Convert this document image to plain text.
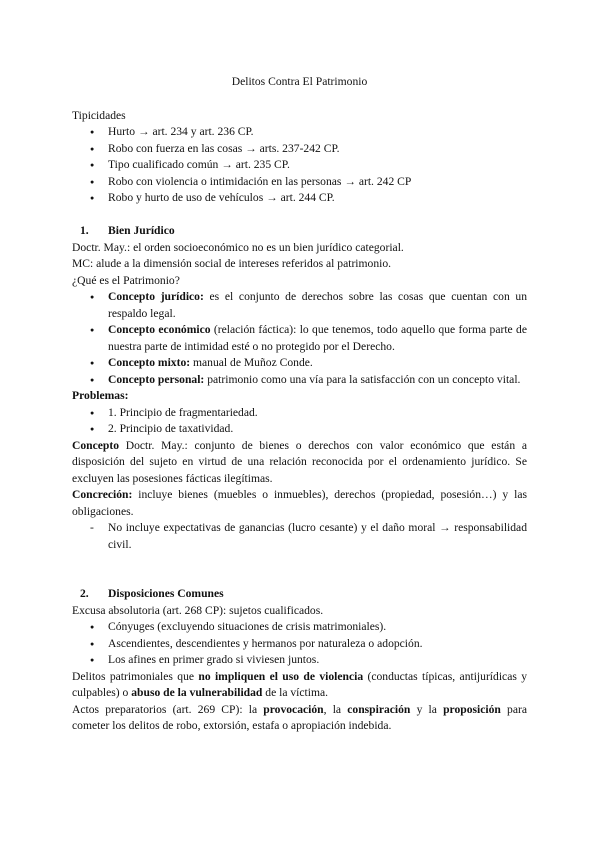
Delitos Contra El Patrimonio

Tipicidades

● Hurto → art. 234 y art. 236 CP.
● Robo con fuerza en las cosas → arts. 237-242 CP.
● Tipo cualificado común → art. 235 CP.
● Robo con violencia o intimidación en las personas → art. 242 CP
● Robo y hurto de uso de vehículos → art. 244 CP.
1. Bien Jurídico

Doctr. May.: el orden socioeconómico no es un bien jurídico categorial.

MC: alude a la dimensión social de intereses referidos al patrimonio.

¿Qué es el Patrimonio?

● Concepto jurídico: es el conjunto de derechos sobre las cosas que cuentan con un respaldo legal.
● Concepto económico (relación fáctica): lo que tenemos, todo aquello que forma parte de nuestra parte de intimidad esté o no protegido por el Derecho.
● Concepto mixto: manual de Muñoz Conde.
● Concepto personal: patrimonio como una vía para la satisfacción con un concepto vital.

Problemas:

● 1. Principio de fragmentariedad.
● 2. Principio de taxatividad.

Concepto Doctr. May.: conjunto de bienes o derechos con valor económico que están a disposición del sujeto en virtud de una relación reconocida por el ordenamiento jurídico. Se excluyen las posesiones fácticas ilegítimas.

Concreción: incluye bienes (muebles o inmuebles), derechos (propiedad, posesión…) y las obligaciones.

- No incluye expectativas de ganancias (lucro cesante) y el daño moral → responsabilidad civil.
2. Disposiciones Comunes

Excusa absolutoria (art. 268 CP): sujetos cualificados.

● Cónyuges (excluyendo situaciones de crisis matrimoniales).
● Ascendientes, descendientes y hermanos por naturaleza o adopción.
● Los afines en primer grado si viviesen juntos.

Delitos patrimoniales que no impliquen el uso de violencia (conductas típicas, antijurídicas y culpables) o abuso de la vulnerabilidad de la víctima.

Actos preparatorios (art. 269 CP): la provocación, la conspiración y la proposición para cometer los delitos de robo, extorsión, estafa o apropiación indebida.
